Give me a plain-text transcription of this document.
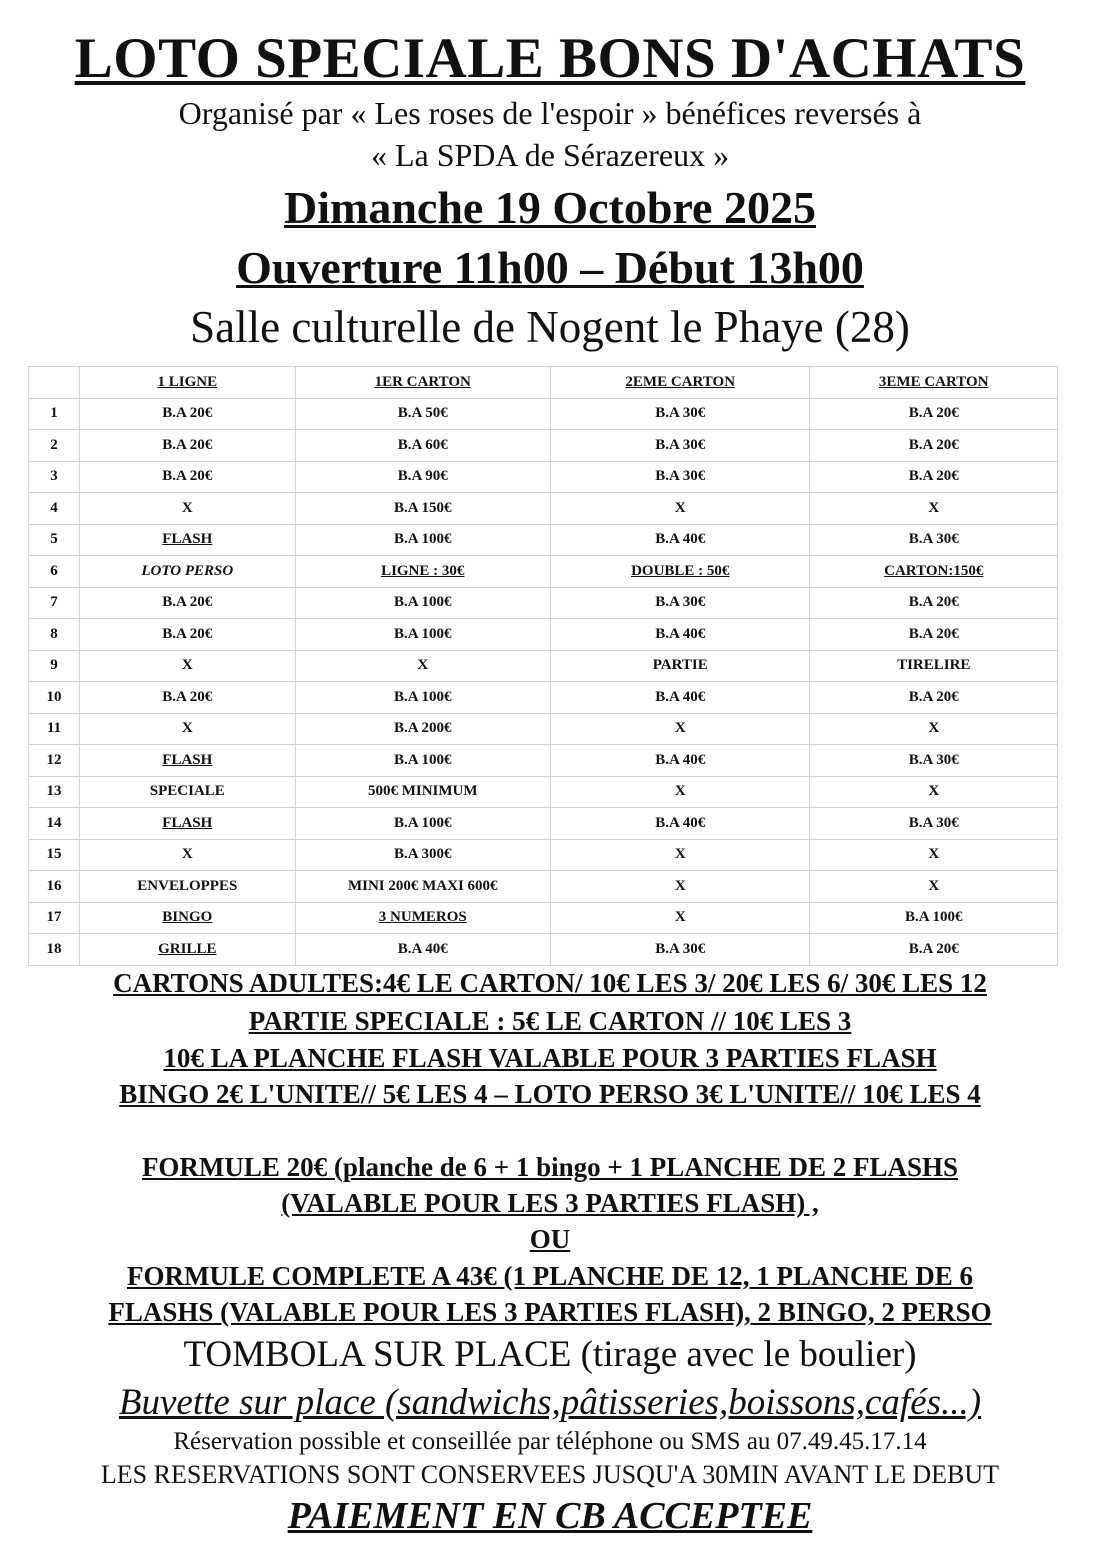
LOTO SPECIALE BONS D'ACHATS
Organisé par « Les roses de l'espoir » bénéfices reversés à
« La SPDA de Sérazereux »
Dimanche 19 Octobre 2025
Ouverture 11h00 – Début 13h00
Salle culturelle de Nogent le Phaye (28)
	1 LIGNE	1ER CARTON	2EME CARTON	3EME CARTON
1	B.A 20€	B.A 50€	B.A 30€	B.A 20€
2	B.A 20€	B.A 60€	B.A 30€	B.A 20€
3	B.A 20€	B.A 90€	B.A 30€	B.A 20€
4	X	B.A 150€	X	X
5	FLASH	B.A 100€	B.A 40€	B.A 30€
6	LOTO PERSO	LIGNE : 30€	DOUBLE : 50€	CARTON:150€
7	B.A 20€	B.A 100€	B.A 30€	B.A 20€
8	B.A 20€	B.A 100€	B.A 40€	B.A 20€
9	X	X	PARTIE	TIRELIRE
10	B.A 20€	B.A 100€	B.A 40€	B.A 20€
11	X	B.A 200€	X	X
12	FLASH	B.A 100€	B.A 40€	B.A 30€
13	SPECIALE	500€ MINIMUM	X	X
14	FLASH	B.A 100€	B.A 40€	B.A 30€
15	X	B.A 300€	X	X
16	ENVELOPPES	MINI 200€ MAXI 600€	X	X
17	BINGO	3 NUMEROS	X	B.A 100€
18	GRILLE	B.A 40€	B.A 30€	B.A 20€
CARTONS ADULTES:4€ LE CARTON/ 10€ LES 3/ 20€ LES 6/ 30€ LES 12
PARTIE SPECIALE : 5€ LE CARTON // 10€ LES 3
10€ LA PLANCHE FLASH VALABLE POUR 3 PARTIES FLASH
BINGO 2€ L'UNITE// 5€ LES 4 – LOTO PERSO 3€ L'UNITE// 10€ LES 4
FORMULE 20€ (planche de 6 + 1 bingo + 1 PLANCHE DE 2 FLASHS
(VALABLE POUR LES 3 PARTIES FLASH) ,
OU
FORMULE COMPLETE A 43€ (1 PLANCHE DE 12, 1 PLANCHE DE 6
FLASHS (VALABLE POUR LES 3 PARTIES FLASH), 2 BINGO, 2 PERSO
TOMBOLA SUR PLACE (tirage avec le boulier)
Buvette sur place (sandwichs,pâtisseries,boissons,cafés...)
Réservation possible et conseillée par téléphone ou SMS au 07.49.45.17.14
LES RESERVATIONS SONT CONSERVEES JUSQU'A 30MIN AVANT LE DEBUT
PAIEMENT EN CB ACCEPTEE
